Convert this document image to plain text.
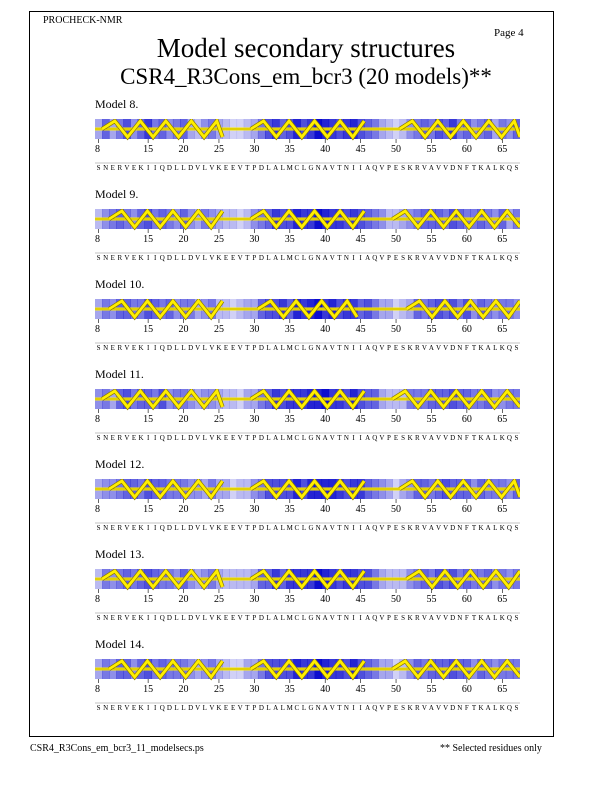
PROCHECK-NMR
Page 4
Model secondary structures
CSR4_R3Cons_em_bcr3 (20 models)**
Model 8.
8	15	20	25	30	35	40	45	50	55	60	65
S N E R V E K I I Q D L L D V L V K E E V T P D L A L M C L G N A V T N I I A Q V P E S K R V A V V D N F T K A L K Q S
Model 9.
8	15	20	25	30	35	40	45	50	55	60	65
S N E R V E K I I Q D L L D V L V K E E V T P D L A L M C L G N A V T N I I A Q V P E S K R V A V V D N F T K A L K Q S
Model 10.
8	15	20	25	30	35	40	45	50	55	60	65
S N E R V E K I I Q D L L D V L V K E E V T P D L A L M C L G N A V T N I I A Q V P E S K R V A V V D N F T K A L K Q S
Model 11.
8	15	20	25	30	35	40	45	50	55	60	65
S N E R V E K I I Q D L L D V L V K E E V T P D L A L M C L G N A V T N I I A Q V P E S K R V A V V D N F T K A L K Q S
Model 12.
8	15	20	25	30	35	40	45	50	55	60	65
S N E R V E K I I Q D L L D V L V K E E V T P D L A L M C L G N A V T N I I A Q V P E S K R V A V V D N F T K A L K Q S
Model 13.
8	15	20	25	30	35	40	45	50	55	60	65
S N E R V E K I I Q D L L D V L V K E E V T P D L A L M C L G N A V T N I I A Q V P E S K R V A V V D N F T K A L K Q S
Model 14.
8	15	20	25	30	35	40	45	50	55	60	65
S N E R V E K I I Q D L L D V L V K E E V T P D L A L M C L G N A V T N I I A Q V P E S K R V A V V D N F T K A L K Q S
CSR4_R3Cons_em_bcr3_11_modelsecs.ps	** Selected residues only
